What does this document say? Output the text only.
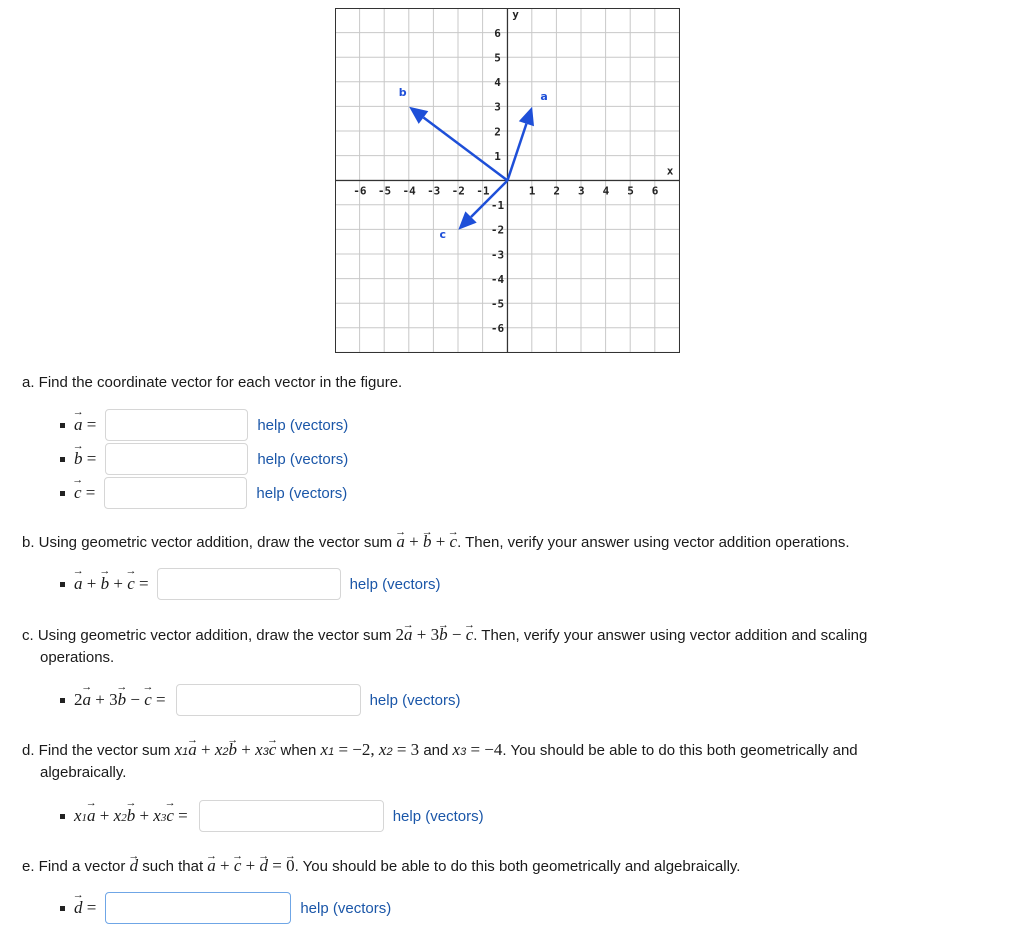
-6 -5 -4 -3 -2 -1	1 2 3 4 5 6
6
5
4
3
2
1
-1
-2
-3
-4
-5
-6
x
y
a
b
c
a. Find the coordinate vector for each vector in the figure.
→ a =	help (vectors)
→ b =	help (vectors)
→ c =	help (vectors)
b. Using geometric vector addition, draw the vector sum → a + → b + → c. Then, verify your answer using vector addition operations.
→ a + → b + → c =	help (vectors)
c. Using geometric vector addition, draw the vector sum 2→ a + 3→ b − → c. Then, verify your answer using vector addition and scaling
operations.
2→ a + 3→ b − → c =	help (vectors)
d. Find the vector sum x1→ a + x2→ b + x3→ c when x1 = −2, x2 = 3 and x3 = −4. You should be able to do this both geometrically and
algebraically.
x1→ a + x2→ b + x3→ c =	help (vectors)
e. Find a vector → d such that → a + → c + → d = → 0. You should be able to do this both geometrically and algebraically.
→ d =	help (vectors)
